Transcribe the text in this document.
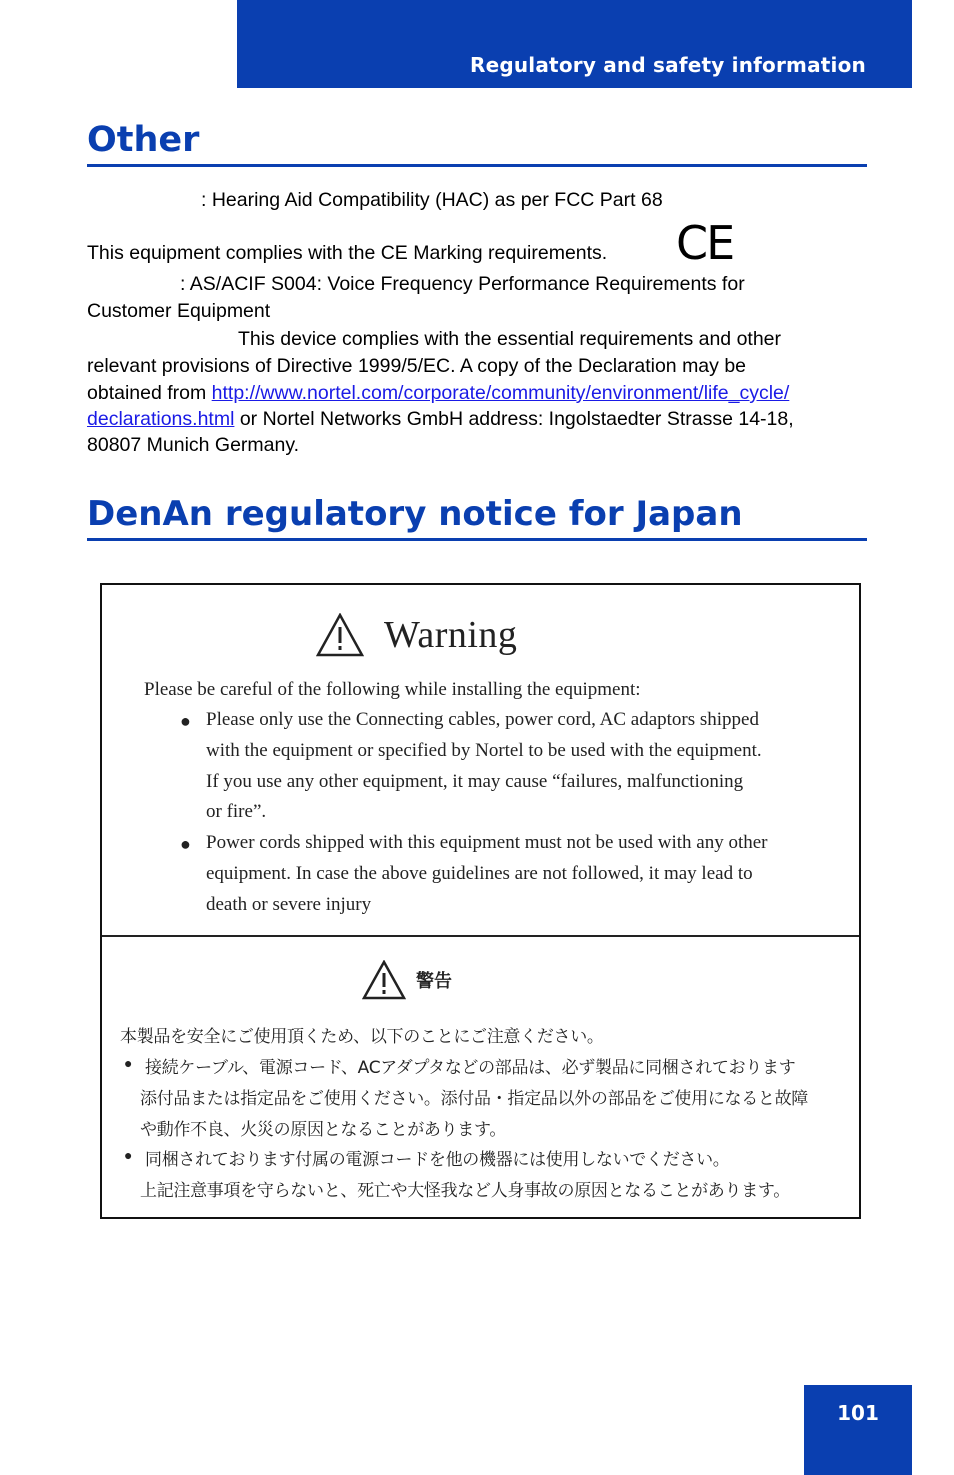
Regulatory and safety information
Other
: Hearing Aid Compatibility (HAC) as per FCC Part 68
This equipment complies with the CE Marking requirements. CE
: AS/ACIF S004: Voice Frequency Performance Requirements for
Customer Equipment
This device complies with the essential requirements and other
relevant provisions of Directive 1999/5/EC. A copy of the Declaration may be
obtained from http://www.nortel.com/corporate/community/environment/life_cycle/
declarations.html or Nortel Networks GmbH address: Ingolstaedter Strasse 14-18,
80807 Munich Germany.
DenAn regulatory notice for Japan
Warning
Please be careful of the following while installing the equipment:
● Please only use the Connecting cables, power cord, AC adaptors shipped
with the equipment or specified by Nortel to be used with the equipment.
If you use any other equipment, it may cause “failures, malfunctioning
or fire”.
● Power cords shipped with this equipment must not be used with any other
equipment. In case the above guidelines are not followed, it may lead to
death or severe injury
警告
本製品を安全にご使用頂くため、以下のことにご注意ください。
● 接続ケーブル、電源コード、ACアダプタなどの部品は、必ず製品に同梱されております
添付品または指定品をご使用ください。添付品・指定品以外の部品をご使用になると故障
や動作不良、火災の原因となることがあります。
● 同梱されております付属の電源コードを他の機器には使用しないでください。
上記注意事項を守らないと、死亡や大怪我など人身事故の原因となることがあります。
101
